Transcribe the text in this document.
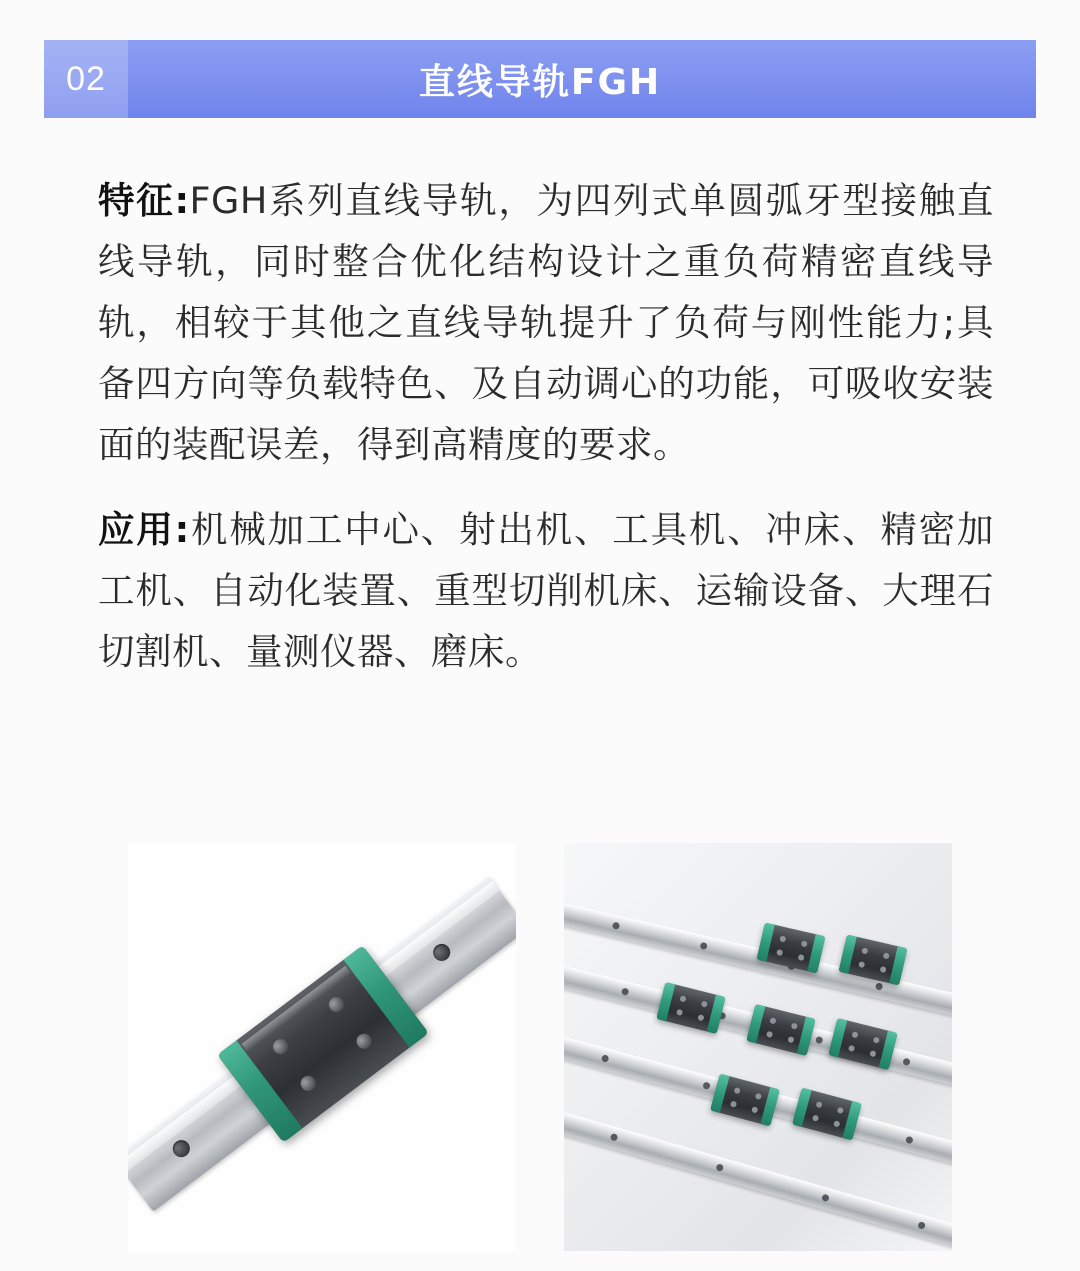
02	直线导轨FGH

特征:FGH系列直线导轨，为四列式单圆弧牙型接触直线导轨，同时整合优化结构设计之重负荷精密直线导轨，相较于其他之直线导轨提升了负荷与刚性能力;具备四方向等负载特色、及自动调心的功能，可吸收安装面的装配误差，得到高精度的要求。

应用:机械加工中心、射出机、工具机、冲床、精密加工机、自动化装置、重型切削机床、运输设备、大理石切割机、量测仪器、磨床。
